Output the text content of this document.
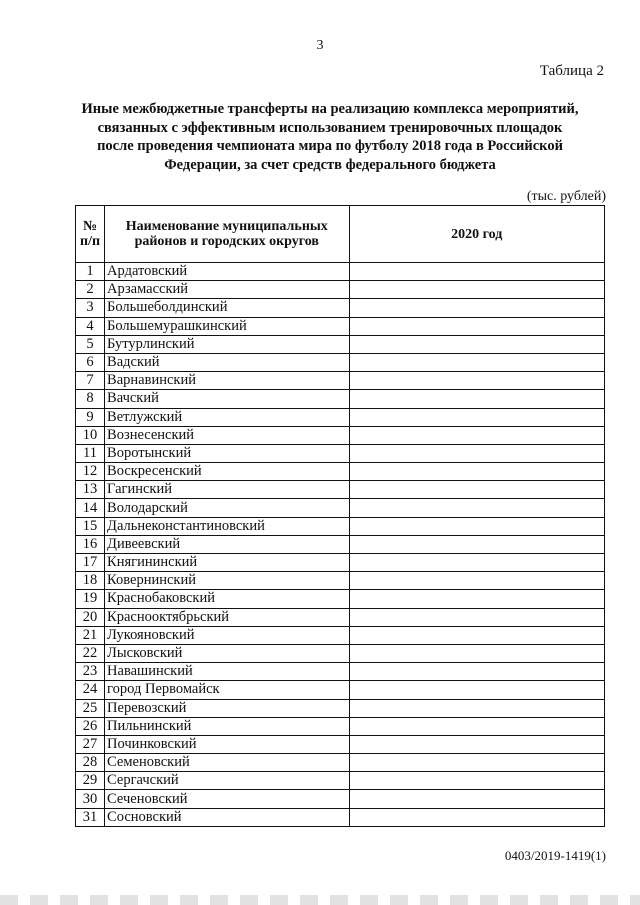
3
Таблица 2
Иные межбюджетные трансферты на реализацию комплекса мероприятий, связанных с эффективным использованием тренировочных площадок после проведения чемпионата мира по футболу 2018 года в Российской Федерации, за счет средств федерального бюджета
(тыс. рублей)
№ п/п	Наименование муниципальных районов и городских округов	2020 год
1	Ардатовский	
2	Арзамасский	
3	Большеболдинский	
4	Большемурашкинский	
5	Бутурлинский	
6	Вадский	
7	Варнавинский	
8	Вачский	
9	Ветлужский	
10	Вознесенский	
11	Воротынский	
12	Воскресенский	
13	Гагинский	
14	Володарский	
15	Дальнеконстантиновский	
16	Дивеевский	
17	Княгининский	
18	Ковернинский	
19	Краснобаковский	
20	Краснооктябрьский	
21	Лукояновский	
22	Лысковский	
23	Навашинский	
24	город Первомайск	
25	Перевозский	
26	Пильнинский	
27	Починковский	
28	Семеновский	
29	Сергачский	
30	Сеченовский	
31	Сосновский	
0403/2019-1419(1)
